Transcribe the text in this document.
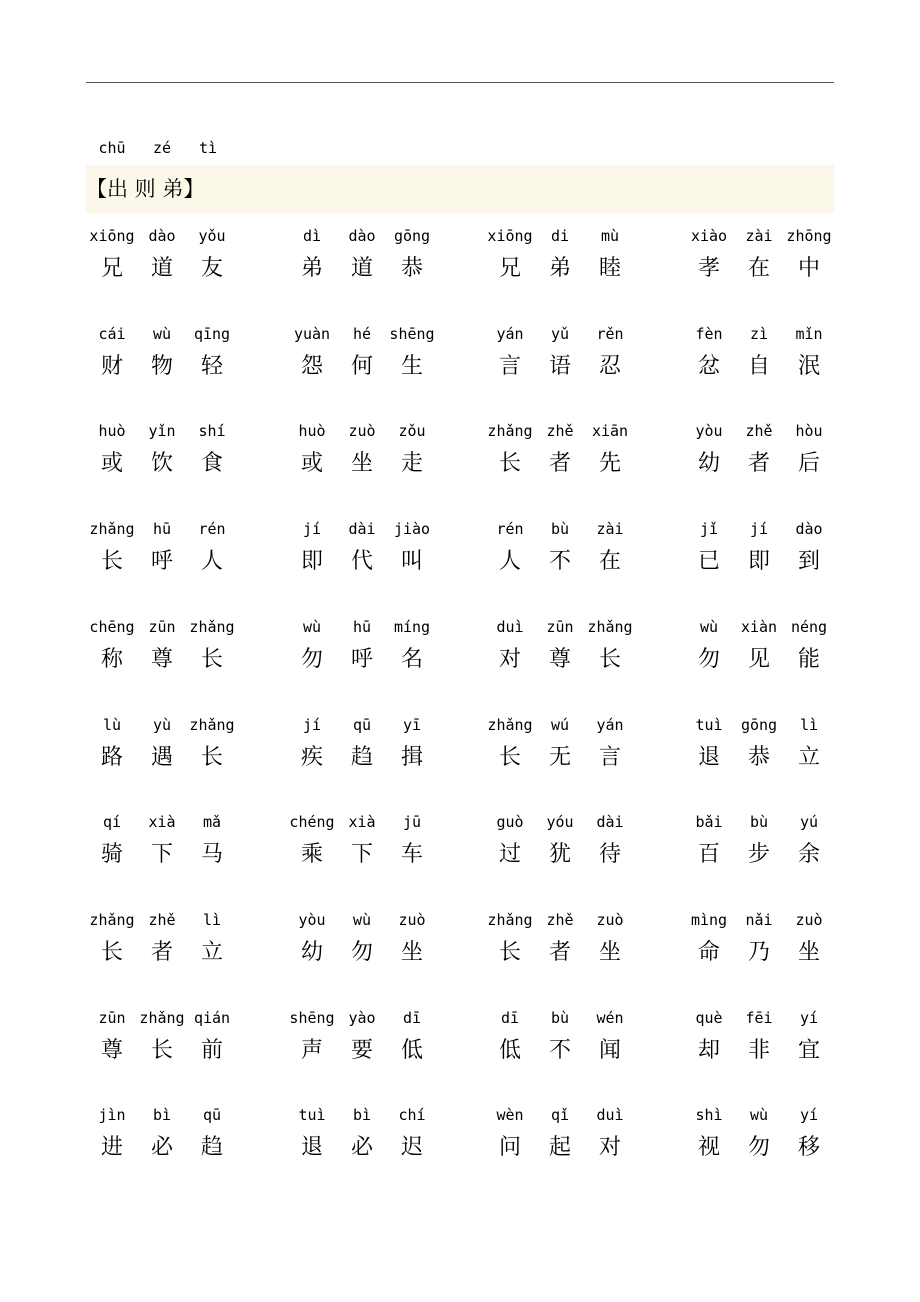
chū	zé	tì
【出 则 弟】
xiōng
兄
dào
道
yǒu
友
dì
弟
dào
道
gōng
恭
xiōng
兄
di
弟
mù
睦
xiào
孝
zài
在
zhōng
中
cái
财
wù
物
qīng
轻
yuàn
怨
hé
何
shēng
生
yán
言
yǔ
语
rěn
忍
fèn
忿
zì
自
mǐn
泯
huò
或
yǐn
饮
shí
食
huò
或
zuò
坐
zǒu
走
zhǎng
长
zhě
者
xiān
先
yòu
幼
zhě
者
hòu
后
zhǎng
长
hū
呼
rén
人
jí
即
dài
代
jiào
叫
rén
人
bù
不
zài
在
jǐ
已
jí
即
dào
到
chēng
称
zūn
尊
zhǎng
长
wù
勿
hū
呼
míng
名
duì
对
zūn
尊
zhǎng
长
wù
勿
xiàn
见
néng
能
lù
路
yù
遇
zhǎng
长
jí
疾
qū
趋
yī
揖
zhǎng
长
wú
无
yán
言
tuì
退
gōng
恭
lì
立
qí
骑
xià
下
mǎ
马
chéng
乘
xià
下
jū
车
guò
过
yóu
犹
dài
待
bǎi
百
bù
步
yú
余
zhǎng
长
zhě
者
lì
立
yòu
幼
wù
勿
zuò
坐
zhǎng
长
zhě
者
zuò
坐
mìng
命
nǎi
乃
zuò
坐
zūn
尊
zhǎng
长
qián
前
shēng
声
yào
要
dī
低
dī
低
bù
不
wén
闻
què
却
fēi
非
yí
宜
jìn
进
bì
必
qū
趋
tuì
退
bì
必
chí
迟
wèn
问
qǐ
起
duì
对
shì
视
wù
勿
yí
移
